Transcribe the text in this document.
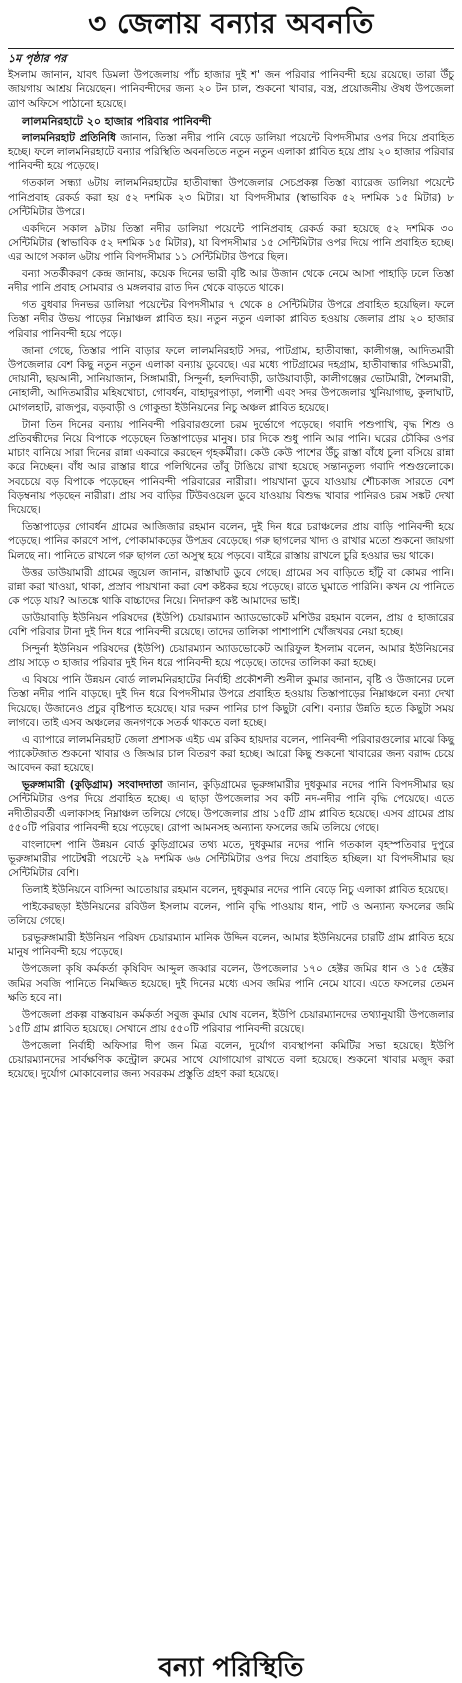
৩ জেলায় বন্যার অবনতি
১ম পৃষ্ঠার পর

ইসলাম জানান, যাবৎ ডিমলা উপজেলায় পাঁচ হাজার দুই শ' জন পরিবার পানিবন্দী হয়ে রয়েছে। তারা উঁচু জায়গায় আশ্রয় নিয়েছেন। পানিবন্দীদের জন্য ২০ টন চাল, শুকনো খাবার, বস্ত্র, প্রয়োজনীয় ঔষধ উপজেলা ত্রাণ অফিসে পাঠানো হয়েছে।

লালমনিরহাটে ২০ হাজার পরিবার পানিবন্দী

লালমনিরহাট প্রতিনিধি জানান, তিস্তা নদীর পানি বেড়ে ডালিয়া পয়েন্টে বিপদসীমার ওপর দিয়ে প্রবাহিত হচ্ছে। ফলে লালমনিরহাটে বন্যার পরিস্থিতি অবনতিতে নতুন নতুন এলাকা প্লাবিত হয়ে প্রায় ২০ হাজার পরিবার পানিবন্দী হয়ে পড়েছে।

গতকাল সন্ধ্যা ৬টায় লালমনিরহাটের হাতীবান্ধা উপজেলার সেচপ্রকল্প তিস্তা ব্যারেজ ডালিয়া পয়েন্টে পানিপ্রবাহ রেকর্ড করা হয় ৫২ দশমিক ২৩ মিটার। যা বিপদসীমার (স্বাভাবিক ৫২ দশমিক ১৫ মিটার) ৮ সেন্টিমিটার উপরে।

একদিনে সকাল ৯টায় তিস্তা নদীর ডালিয়া পয়েন্টে পানিপ্রবাহ রেকর্ড করা হয়েছে ৫২ দশমিক ৩০ সেন্টিমিটার (স্বাভাবিক ৫২ দশমিক ১৫ মিটার), যা বিপদসীমার ১৫ সেন্টিমিটার ওপর দিয়ে পানি প্রবাহিত হচ্ছে। এর আগে সকাল ৬টায় পানি বিপদসীমার ১১ সেন্টিমিটার উপরে ছিল।

বন্যা সতর্কীকরণ কেন্দ্র জানায়, কয়েক দিনের ভারী বৃষ্টি আর উজান থেকে নেমে আসা পাহাড়ি ঢলে তিস্তা নদীর পানি প্রবাহ সোমবার ও মঙ্গলবার রাত দিন থেকে বাড়তে থাকে।

গত বুধবার দিনভর ডালিয়া পয়েন্টের বিপদসীমার ৭ থেকে ৪ সেন্টিমিটার উপরে প্রবাহিত হয়েছিল। ফলে তিস্তা নদীর উভয় পাড়ের নিম্নাঞ্চল প্লাবিত হয়। নতুন নতুন এলাকা প্লাবিত হওয়ায় জেলার প্রায় ২০ হাজার পরিবার পানিবন্দী হয়ে পড়ে।

জানা গেছে, তিস্তার পানি বাড়ার ফলে লালমনিরহাট সদর, পাটগ্রাম, হাতীবান্ধা, কালীগঞ্জ, আদিতমারী উপজেলার বেশ কিছু নতুন নতুন এলাকা বন্যায় ডুবেছে। এর মধ্যে পাটগ্রামের দহগ্রাম, হাতীবান্ধার গড্ডিমারী, দোয়ানী, ছয়আনী, সানিয়াজান, সিঙ্গামারী, সিন্দুর্না, হলদিবাড়ী, ডাউয়াবাড়ী, কালীগঞ্জের ভোটমারী, শৈলমারী, নোহালী, আদিতমারীর মহিষখোচা, গোবর্ধন, বাহাদুরপাড়া, পলাশী এবং সদর উপজেলার খুনিয়াগাছ, কুলাঘাট, মোগলহাট, রাজপুর, বড়বাড়ী ও গোকুন্ডা ইউনিয়নের নিচু অঞ্চল প্লাবিত হয়েছে।

টানা তিন দিনের বন্যায় পানিবন্দী পরিবারগুলো চরম দুর্ভোগে পড়েছে। গবাদি পশুপাখি, বৃদ্ধ শিশু ও প্রতিবন্ধীদের নিয়ে বিপাকে পড়েছেন তিস্তাপাড়ের মানুষ। চার দিকে শুধু পানি আর পানি। ঘরের চৌকির ওপর মাচাং বানিয়ে সারা দিনের রান্না একবারে করছেন গৃহকর্মীরা। কেউ কেউ পাশের উঁচু রাস্তা বাঁধে চুলা বসিয়ে রান্না করে নিচ্ছেন। বাঁধ আর রাস্তার ধারে পলিথিনের তাঁবু টাঙিয়ে রাখা হয়েছে সন্তানতুল্য গবাদি পশুগুলোকে। সবচেয়ে বড় বিপাকে পড়েছেন পানিবন্দী পরিবারের নারীরা। পায়খানা ডুবে যাওয়ায় শৌচকাজ সারতে বেশ বিড়ম্বনায় পড়ছেন নারীরা। প্রায় সব বাড়ির টিউবওয়েল ডুবে যাওয়ায় বিশুদ্ধ খাবার পানিরও চরম সঙ্কট দেখা দিয়েছে।

তিস্তাপাড়ের গোবর্ধন গ্রামের আজিজার রহমান বলেন, দুই দিন ধরে চরাঞ্চলের প্রায় বাড়ি পানিবন্দী হয়ে পড়েছে। পানির কারণে সাপ, পোকামাকড়ের উপদ্রব বেড়েছে। গরু ছাগলের খাদ্য ও রাখার মতো শুকনো জায়গা মিলছে না। পানিতে রাখলে গরু ছাগল তো অসুস্থ হয়ে পড়বে। বাইরে রাস্তায় রাখলে চুরি হওয়ার ভয় থাকে।

উত্তর ডাউয়ামারী গ্রামের জুয়েল জানান, রাস্তাঘাট ডুবে গেছে। গ্রামের সব বাড়িতে হাঁটু বা কোমর পানি। রান্না করা খাওয়া, থাকা, প্রস্রাব পায়খানা করা বেশ কষ্টকর হয়ে পড়েছে। রাতে ঘুমাতে পারিনি। কখন যে পানিতে কে পড়ে যায়? আতঙ্কে থাকি বাচ্চাদের নিয়ে। নিদারুণ কষ্ট আমাদের ভাই।

ডাউয়াবাড়ি ইউনিয়ন পরিষদের (ইউপি) চেয়ারম্যান অ্যাডভোকেট মশিউর রহমান বলেন, প্রায় ৫ হাজারের বেশি পরিবার টানা দুই দিন ধরে পানিবন্দী রয়েছে। তাদের তালিকা পাশাপাশি খোঁজখবর নেয়া হচ্ছে।

সিন্দুর্না ইউনিয়ন পরিষদের (ইউপি) চেয়ারম্যান অ্যাডভোকেট আরিফুল ইসলাম বলেন, আমার ইউনিয়নের প্রায় সাড়ে ৩ হাজার পরিবার দুই দিন ধরে পানিবন্দী হয়ে পড়েছে। তাদের তালিকা করা হচ্ছে।

এ বিষয়ে পানি উন্নয়ন বোর্ড লালমনিরহাটের নির্বাহী প্রকৌশলী শুনীল কুমার জানান, বৃষ্টি ও উজানের ঢলে তিস্তা নদীর পানি বাড়ছে। দুই দিন ধরে বিপদসীমার উপরে প্রবাহিত হওয়ায় তিস্তাপাড়ের নিম্নাঞ্চলে বন্যা দেখা দিয়েছে। উজানেও প্রচুর বৃষ্টিপাত হয়েছে। যার দরুন পানির চাপ কিছুটা বেশি। বন্যার উন্নতি হতে কিছুটা সময় লাগবে। তাই এসব অঞ্চলের জনগণকে সতর্ক থাকতে বলা হচ্ছে।

এ ব্যাপারে লালমনিরহাট জেলা প্রশাসক এইচ এম রকিব হায়দার বলেন, পানিবন্দী পরিবারগুলোর মাঝে কিছু প্যাকেটজাত শুকনো খাবার ও জিআর চাল বিতরণ করা হচ্ছে। আরো কিছু শুকনো খাবারের জন্য বরাদ্দ চেয়ে আবেদন করা হয়েছে।

ভূরুঙ্গামারী (কুড়িগ্রাম) সংবাদদাতা জানান, কুড়িগ্রামের ভূরুঙ্গামারীর দুধকুমার নদের পানি বিপদসীমার ছয় সেন্টিমিটার ওপর দিয়ে প্রবাহিত হচ্ছে। এ ছাড়া উপজেলার সব কটি নদ-নদীর পানি বৃদ্ধি পেয়েছে। এতে নদীতীরবর্তী এলাকাসহ নিম্নাঞ্চল তলিয়ে গেছে। উপজেলার প্রায় ১৫টি গ্রাম প্লাবিত হয়েছে। এসব গ্রামের প্রায় ৫৫০টি পরিবার পানিবন্দী হয়ে পড়েছে। রোপা আমনসহ অন্যান্য ফসলের জমি তলিয়ে গেছে।

বাংলাদেশ পানি উন্নয়ন বোর্ড কুড়িগ্রামের তথ্য মতে, দুধকুমার নদের পানি গতকাল বৃহস্পতিবার দুপুরে ভূরুঙ্গামারীর পাটেশ্বরী পয়েন্টে ২৯ দশমিক ৬৬ সেন্টিমিটার ওপর দিয়ে প্রবাহিত হচ্ছিল। যা বিপদসীমার ছয় সেন্টিমিটার বেশি।

তিলাই ইউনিয়নে বাসিন্দা আতোয়ার রহমান বলেন, দুধকুমার নদের পানি বেড়ে নিচু এলাকা প্লাবিত হয়েছে।

পাইকেরছড়া ইউনিয়নের রবিউল ইসলাম বলেন, পানি বৃদ্ধি পাওয়ায় ধান, পাট ও অন্যান্য ফসলের জমি তলিয়ে গেছে।

চরভূরুঙ্গামারী ইউনিয়ন পরিষদ চেয়ারম্যান মানিক উদ্দিন বলেন, আমার ইউনিয়নের চারটি গ্রাম প্লাবিত হয়ে মানুষ পানিবন্দী হয়ে পড়েছে।

উপজেলা কৃষি কর্মকর্তা কৃষিবিদ আব্দুল জব্বার বলেন, উপজেলার ১৭০ হেক্টর জমির ধান ও ১৫ হেক্টর জমির সবজি পানিতে নিমজ্জিত হয়েছে। দুই দিনের মধ্যে এসব জমির পানি নেমে যাবে। এতে ফসলের তেমন ক্ষতি হবে না।

উপজেলা প্রকল্প বাস্তবায়ন কর্মকর্তা সবুজ কুমার ঘোষ বলেন, ইউপি চেয়ারম্যানদের তথ্যানুযায়ী উপজেলার ১৫টি গ্রাম প্লাবিত হয়েছে। সেখানে প্রায় ৫৫০টি পরিবার পানিবন্দী রয়েছে।

উপজেলা নির্বাহী অফিসার দীপ জন মিত্র বলেন, দুর্যোগ ব্যবস্থাপনা কমিটির সভা হয়েছে। ইউপি চেয়ারম্যানদের সার্বক্ষণিক কন্ট্রোল রুমের সাথে যোগাযোগ রাখতে বলা হয়েছে। শুকনো খাবার মজুদ করা হয়েছে। দুর্যোগ মোকাবেলার জন্য সবরকম প্রস্তুতি গ্রহণ করা হয়েছে।

বন্যা পরিস্থিতি
